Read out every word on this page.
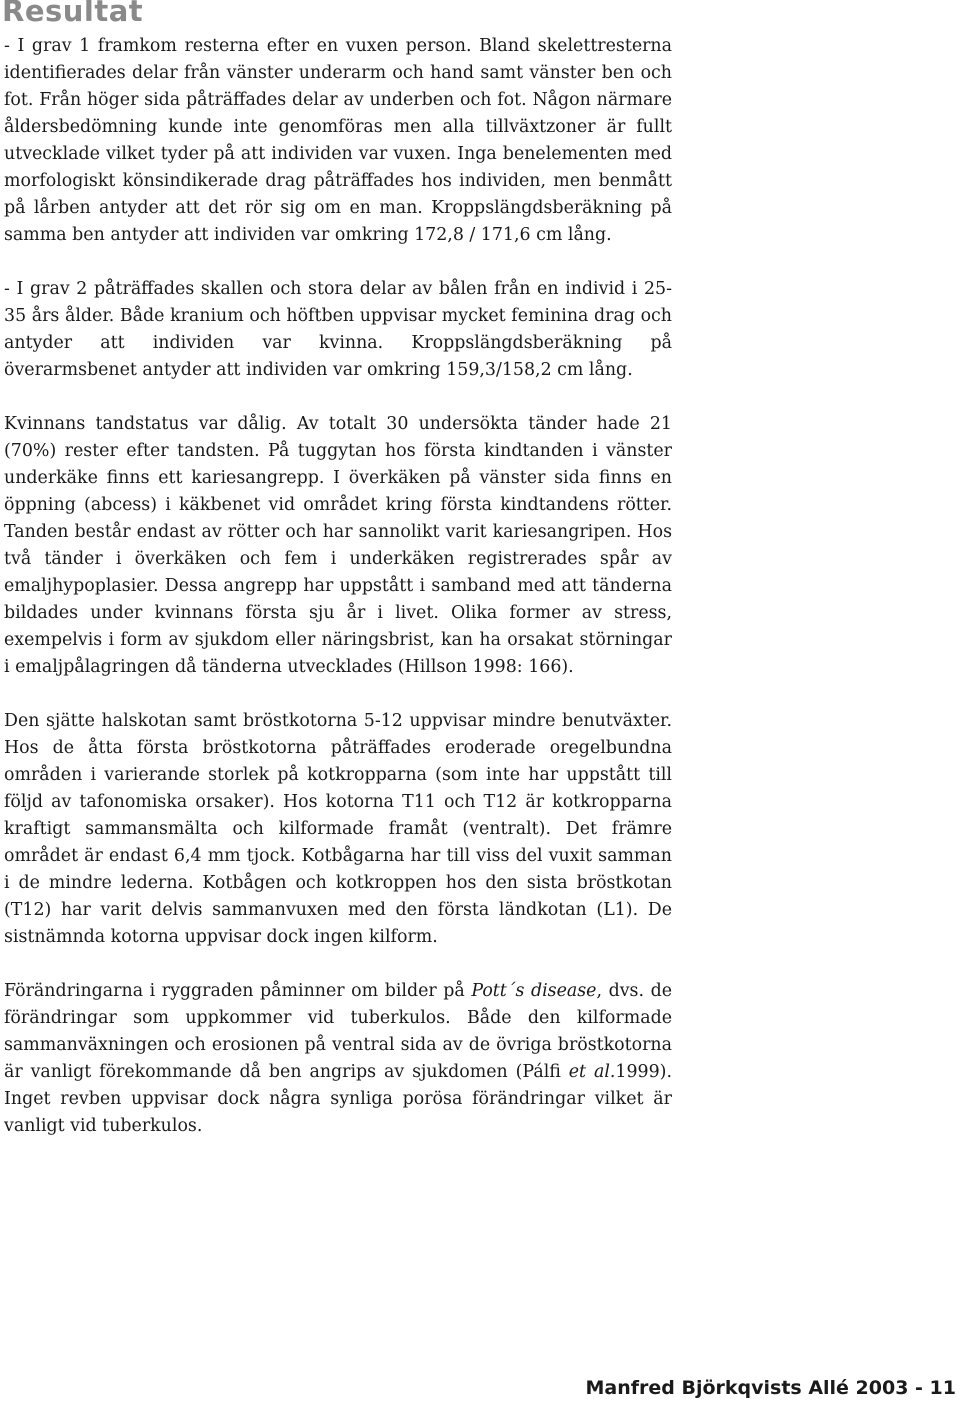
Resultat

- I grav 1 framkom resterna efter en vuxen person. Bland skelettresterna identifierades delar från vänster underarm och hand samt vänster ben och fot. Från höger sida påträffades delar av underben och fot. Någon närmare åldersbedömning kunde inte genomföras men alla tillväxtzoner är fullt utvecklade vilket tyder på att individen var vuxen. Inga benelementen med morfologiskt könsindikerade drag påträffades hos individen, men benmått på lårben antyder att det rör sig om en man. Kroppslängdsberäkning på samma ben antyder att individen var omkring 172,8 / 171,6 cm lång.

- I grav 2 påträffades skallen och stora delar av bålen från en individ i 25-35 års ålder. Både kranium och höftben uppvisar mycket feminina drag och antyder att individen var kvinna. Kroppslängdsberäkning på överarmsbenet antyder att individen var omkring 159,3/158,2 cm lång.

Kvinnans tandstatus var dålig. Av totalt 30 undersökta tänder hade 21 (70%) rester efter tandsten. På tuggytan hos första kindtanden i vänster underkäke finns ett kariesangrepp. I överkäken på vänster sida finns en öppning (abcess) i käkbenet vid området kring första kindtandens rötter. Tanden består endast av rötter och har sannolikt varit kariesangripen. Hos två tänder i överkäken och fem i underkäken registrerades spår av emaljhypoplasier. Dessa angrepp har uppstått i samband med att tänderna bildades under kvinnans första sju år i livet. Olika former av stress, exempelvis i form av sjukdom eller näringsbrist, kan ha orsakat störningar i emaljpålagringen då tänderna utvecklades (Hillson 1998: 166).

Den sjätte halskotan samt bröstkotorna 5-12 uppvisar mindre benutväxter. Hos de åtta första bröstkotorna påträffades eroderade oregelbundna områden i varierande storlek på kotkropparna (som inte har uppstått till följd av tafonomiska orsaker). Hos kotorna T11 och T12 är kotkropparna kraftigt sammansmälta och kilformade framåt (ventralt). Det främre området är endast 6,4 mm tjock. Kotbågarna har till viss del vuxit samman i de mindre lederna. Kotbågen och kotkroppen hos den sista bröstkotan (T12) har varit delvis sammanvuxen med den första ländkotan (L1). De sistnämnda kotorna uppvisar dock ingen kilform.

Förändringarna i ryggraden påminner om bilder på Pott´s disease, dvs. de förändringar som uppkommer vid tuberkulos. Både den kilformade sammanväxningen och erosionen på ventral sida av de övriga bröstkotorna är vanligt förekommande då ben angrips av sjukdomen (Pálfi et al.1999). Inget revben uppvisar dock några synliga porösa förändringar vilket är vanligt vid tuberkulos.

Manfred Björkqvists Allé 2003 - 11
